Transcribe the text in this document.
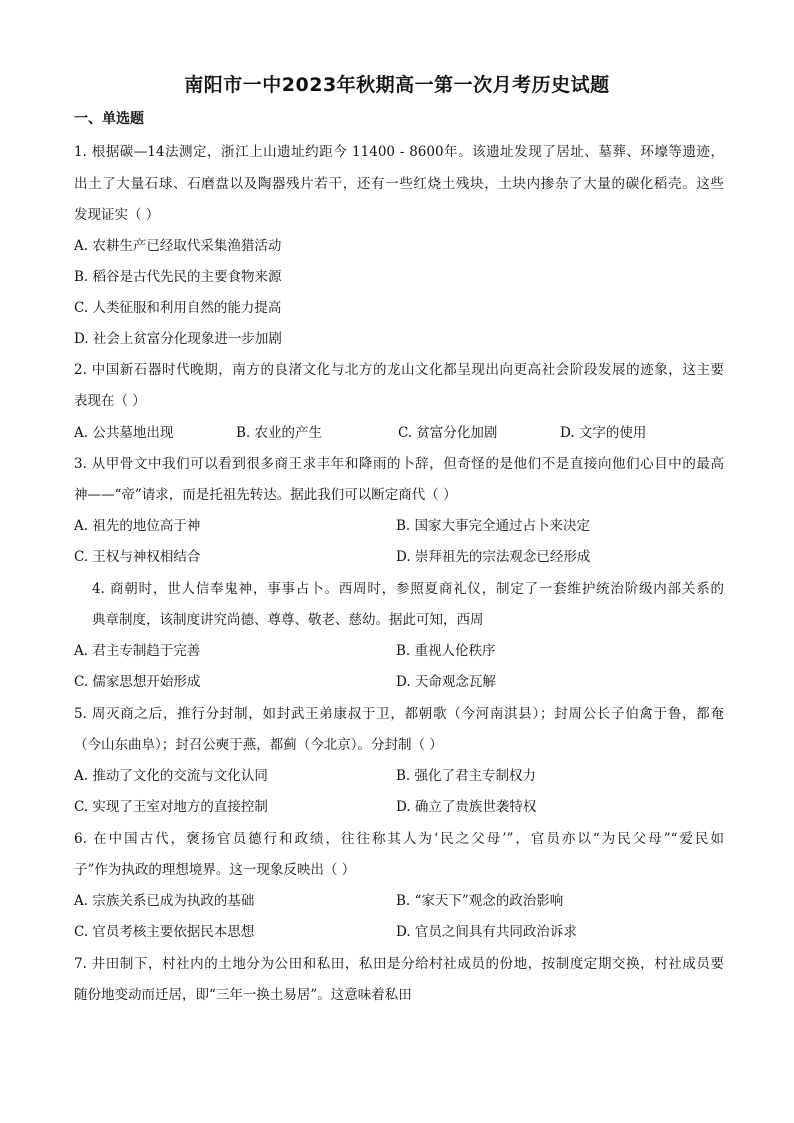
南阳市一中2023年秋期高一第一次月考历史试题
一、单选题
1. 根据碳—14法测定，浙江上山遗址约距今 11400 - 8600年。该遗址发现了居址、墓葬、环壕等遗迹，
出土了大量石球、石磨盘以及陶器残片若干，还有一些红烧土残块，土块内掺杂了大量的碳化稻壳。这些
发现证实（ ）
A. 农耕生产已经取代采集渔猎活动
B. 稻谷是古代先民的主要食物来源
C. 人类征服和利用自然的能力提高
D. 社会上贫富分化现象进一步加剧
2. 中国新石器时代晚期，南方的良渚文化与北方的龙山文化都呈现出向更高社会阶段发展的迹象，这主要
表现在（ ）
A. 公共墓地出现	B. 农业的产生	C. 贫富分化加剧	D. 文字的使用
3. 从甲骨文中我们可以看到很多商王求丰年和降雨的卜辞，但奇怪的是他们不是直接向他们心目中的最高
神——“帝”请求，而是托祖先转达。据此我们可以断定商代（ ）
A. 祖先的地位高于神	B. 国家大事完全通过占卜来决定
C. 王权与神权相结合	D. 崇拜祖先的宗法观念已经形成
4. 商朝时，世人信奉鬼神，事事占卜。西周时，参照夏商礼仪，制定了一套维护统治阶级内部关系的
典章制度，该制度讲究尚德、尊尊、敬老、慈幼。据此可知，西周
A. 君主专制趋于完善	B. 重视人伦秩序
C. 儒家思想开始形成	D. 天命观念瓦解
5. 周灭商之后，推行分封制，如封武王弟康叔于卫，都朝歌（今河南淇县）；封周公长子伯禽于鲁，都奄
（今山东曲阜）；封召公奭于燕，都蓟（今北京）。分封制（ ）
A. 推动了文化的交流与文化认同	B. 强化了君主专制权力
C. 实现了王室对地方的直接控制	D. 确立了贵族世袭特权
6. 在中国古代，褒扬官员德行和政绩，往往称其人为‘民之父母’”，官员亦以“为民父母”“爱民如
子”作为执政的理想境界。这一现象反映出（ ）
A. 宗族关系已成为执政的基础	B. “家天下”观念的政治影响
C. 官员考核主要依据民本思想	D. 官员之间具有共同政治诉求
7. 井田制下，村社内的土地分为公田和私田，私田是分给村社成员的份地，按制度定期交换，村社成员要
随份地变动而迁居，即“三年一换土易居”。这意味着私田
